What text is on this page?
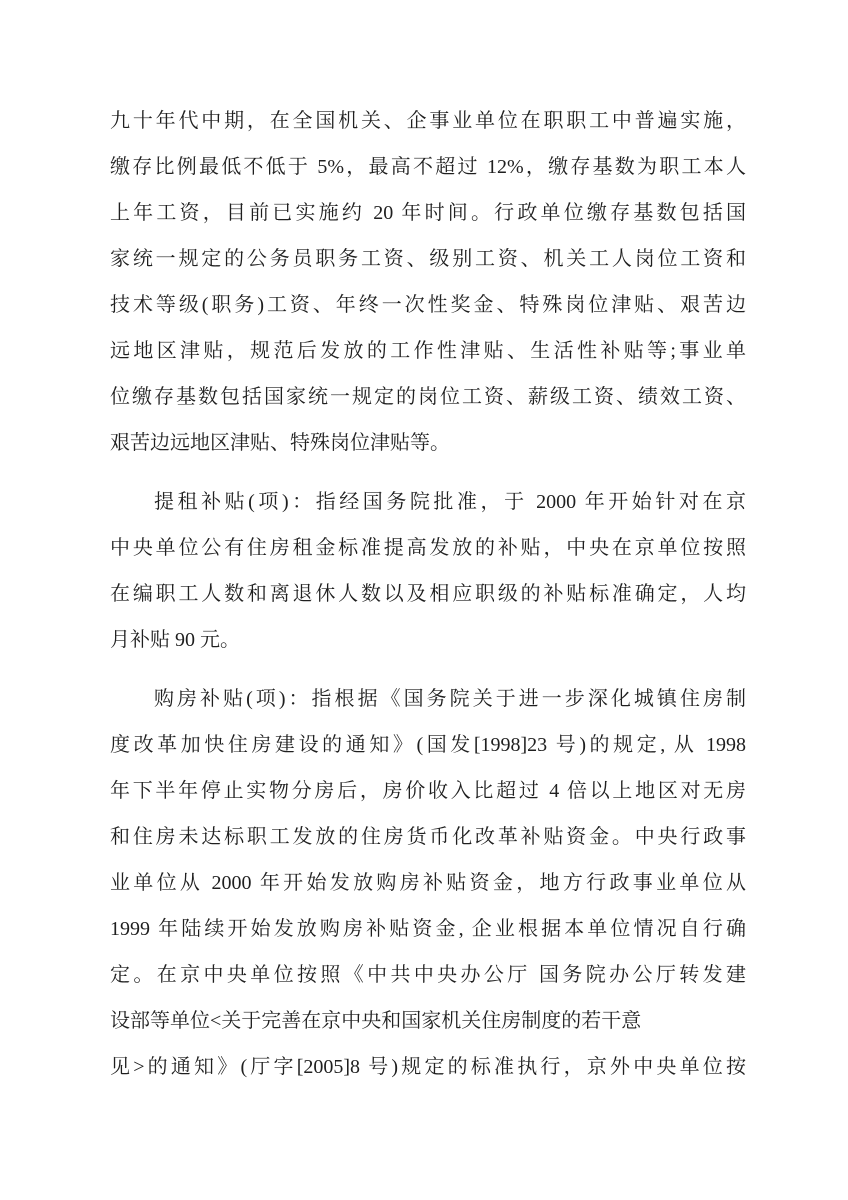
九十年代中期，在全国机关、企事业单位在职职工中普遍实施，
缴存比例最低不低于 5%，最高不超过 12%，缴存基数为职工本人
上年工资，目前已实施约 20 年时间。行政单位缴存基数包括国
家统一规定的公务员职务工资、级别工资、机关工人岗位工资和
技术等级(职务)工资、年终一次性奖金、特殊岗位津贴、艰苦边
远地区津贴，规范后发放的工作性津贴、生活性补贴等;事业单
位缴存基数包括国家统一规定的岗位工资、薪级工资、绩效工资、
艰苦边远地区津贴、特殊岗位津贴等。
提租补贴(项)：指经国务院批准，于 2000 年开始针对在京
中央单位公有住房租金标准提高发放的补贴，中央在京单位按照
在编职工人数和离退休人数以及相应职级的补贴标准确定，人均
月补贴 90 元。
购房补贴(项)：指根据《国务院关于进一步深化城镇住房制
度改革加快住房建设的通知》(国发[1998]23 号)的规定, 从 1998
年下半年停止实物分房后，房价收入比超过 4 倍以上地区对无房
和住房未达标职工发放的住房货币化改革补贴资金。中央行政事
业单位从 2000 年开始发放购房补贴资金，地方行政事业单位从
1999 年陆续开始发放购房补贴资金, 企业根据本单位情况自行确
定。在京中央单位按照《中共中央办公厅 国务院办公厅转发建
设部等单位<关于完善在京中央和国家机关住房制度的若干意
见>的通知》(厅字[2005]8 号)规定的标准执行，京外中央单位按
